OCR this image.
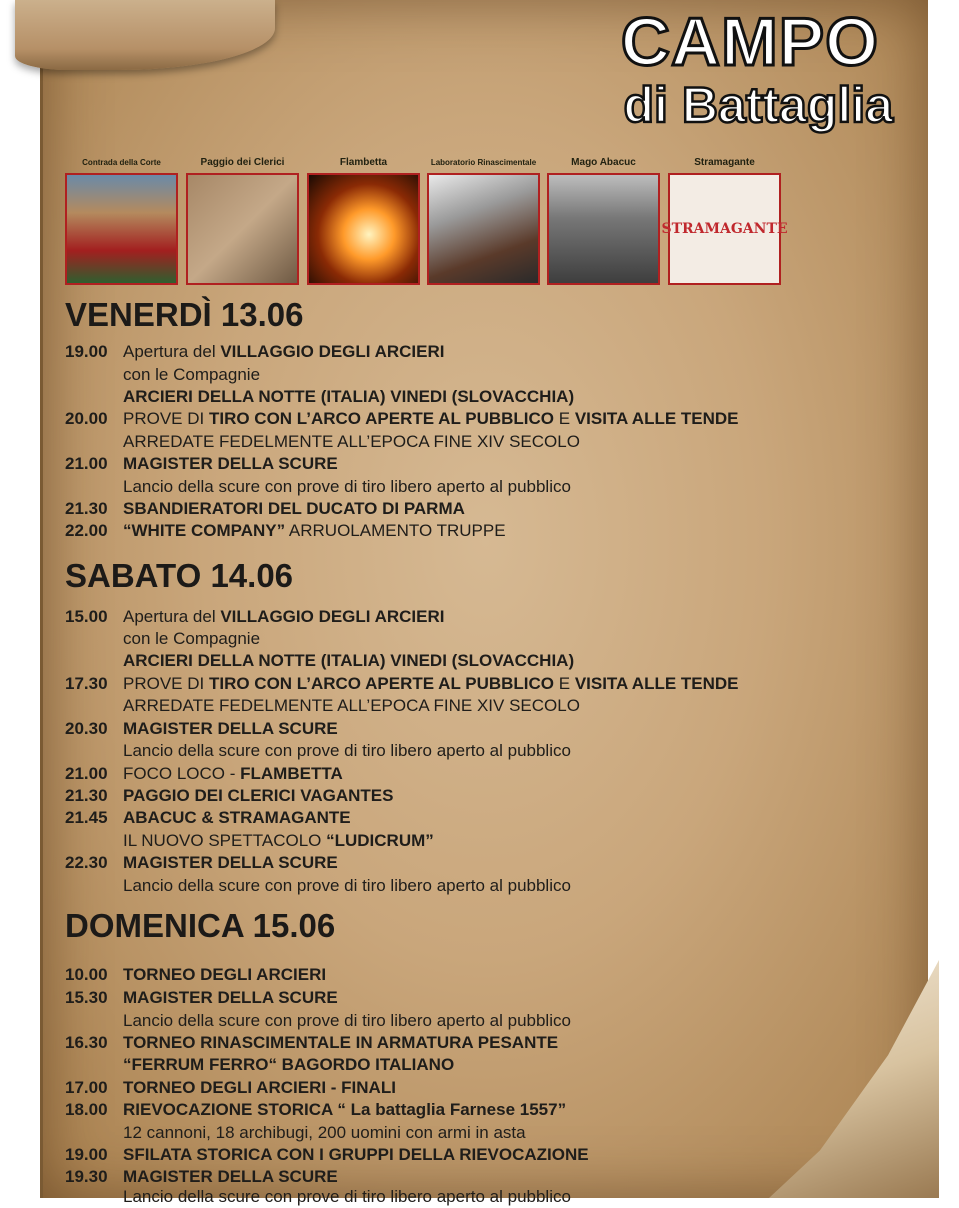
CAMPO
di Battaglia
Contrada della Corte	Paggio dei Clerici	Flambetta	Laboratorio Rinascimentale	Mago Abacuc	Stramagante
STRAMAGANTE
VENERDÌ 13.06
19.00 Apertura del VILLAGGIO DEGLI ARCIERI
con le Compagnie
ARCIERI DELLA NOTTE (ITALIA) VINEDI (SLOVACCHIA)
20.00 PROVE DI TIRO CON L’ARCO APERTE AL PUBBLICO E VISITA ALLE TENDE
ARREDATE FEDELMENTE ALL’EPOCA FINE XIV SECOLO
21.00 MAGISTER DELLA SCURE
Lancio della scure con prove di tiro libero aperto al pubblico
21.30 SBANDIERATORI DEL DUCATO DI PARMA
22.00 “WHITE COMPANY” ARRUOLAMENTO TRUPPE
SABATO 14.06
15.00 Apertura del VILLAGGIO DEGLI ARCIERI
con le Compagnie
ARCIERI DELLA NOTTE (ITALIA) VINEDI (SLOVACCHIA)
17.30 PROVE DI TIRO CON L’ARCO APERTE AL PUBBLICO E VISITA ALLE TENDE
ARREDATE FEDELMENTE ALL’EPOCA FINE XIV SECOLO
20.30 MAGISTER DELLA SCURE
Lancio della scure con prove di tiro libero aperto al pubblico
21.00 FOCO LOCO - FLAMBETTA
21.30 PAGGIO DEI CLERICI VAGANTES
21.45 ABACUC & STRAMAGANTE
IL NUOVO SPETTACOLO “LUDICRUM”
22.30 MAGISTER DELLA SCURE
Lancio della scure con prove di tiro libero aperto al pubblico
DOMENICA 15.06
10.00 TORNEO DEGLI ARCIERI
15.30 MAGISTER DELLA SCURE
Lancio della scure con prove di tiro libero aperto al pubblico
16.30 TORNEO RINASCIMENTALE IN ARMATURA PESANTE
“FERRUM FERRO“ BAGORDO ITALIANO
17.00 TORNEO DEGLI ARCIERI - FINALI
18.00 RIEVOCAZIONE STORICA “ La battaglia Farnese 1557”
12 cannoni, 18 archibugi, 200 uomini con armi in asta
19.00 SFILATA STORICA CON I GRUPPI DELLA RIEVOCAZIONE
19.30 MAGISTER DELLA SCURE
Lancio della scure con prove di tiro libero aperto al pubblico
